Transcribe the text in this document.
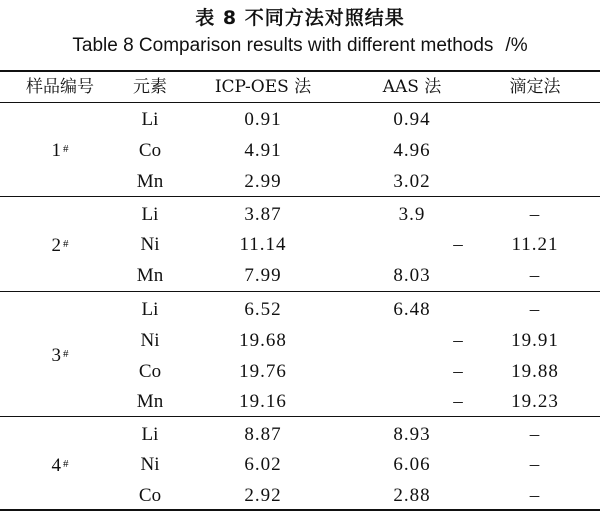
表 8 不同方法对照结果
Table 8 Comparison results with different methods /%
样品编号 元素	ICP-OES 法	AAS 法	滴定法
1 #
Li	0.91	0.94
Co	4.91	4.96
Mn	2.99	3.02
2 #
Li	3.87	3.9	–
Ni	11.14	–	11.21
Mn	7.99	8.03	–
3 #
Li	6.52	6.48	–
Ni	19.68	–	19.91
Co	19.76	–	19.88
Mn	19.16	–	19.23
4 #
Li	8.87	8.93	–
Ni	6.02	6.06	–
Co	2.92	2.88	–
